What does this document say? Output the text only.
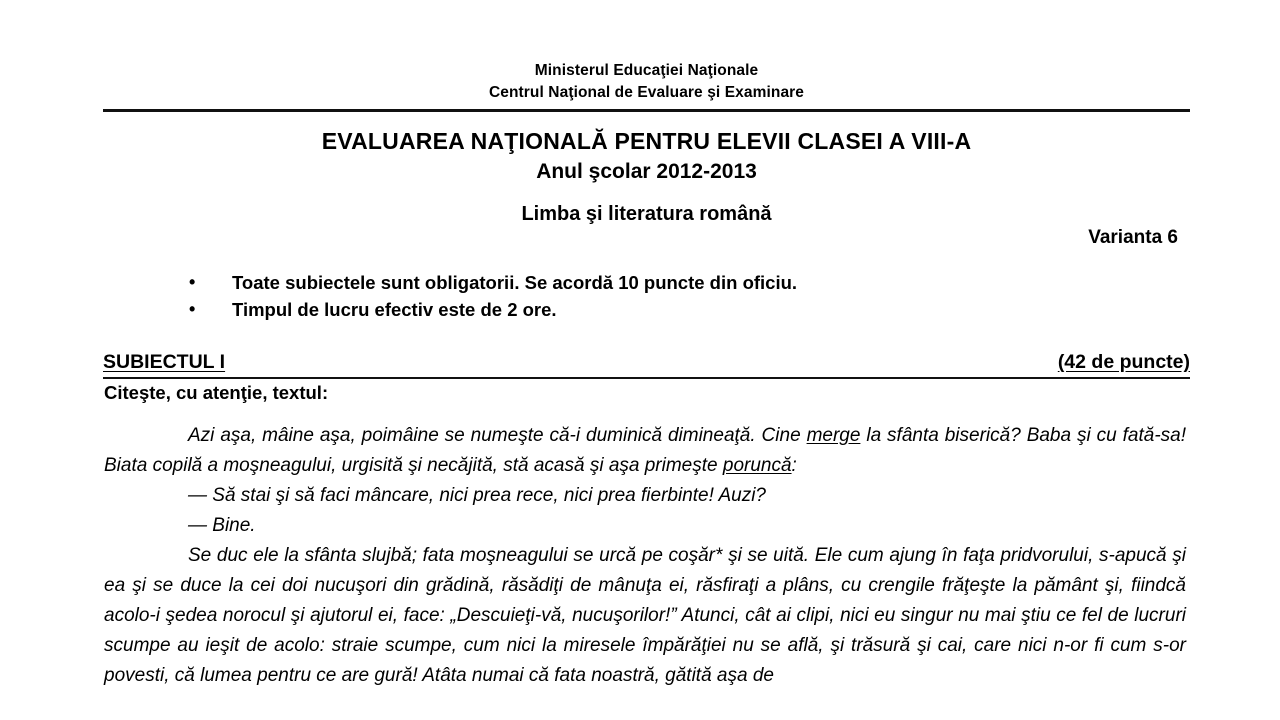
Ministerul Educaţiei Naţionale
Centrul Naţional de Evaluare şi Examinare
EVALUAREA NAŢIONALĂ PENTRU ELEVII CLASEI A VIII-A
Anul şcolar 2012-2013
Limba şi literatura română
Varianta 6
• Toate subiectele sunt obligatorii. Se acordă 10 puncte din oficiu.
• Timpul de lucru efectiv este de 2 ore.
SUBIECTUL I	(42 de puncte)
Citeşte, cu atenţie, textul:

Azi aşa, mâine aşa, poimâine se numeşte că-i duminică dimineaţă. Cine merge la sfânta biserică? Baba şi cu fată-sa! Biata copilă a moşneagului, urgisită şi necăjită, stă acasă şi aşa primeşte poruncă:

— Să stai şi să faci mâncare, nici prea rece, nici prea fierbinte! Auzi?

— Bine.

Se duc ele la sfânta slujbă; fata moşneagului se urcă pe coşăr* şi se uită. Ele cum ajung în faţa pridvorului, s-apucă şi ea şi se duce la cei doi nucuşori din grădină, răsădiţi de mânuţa ei, răsfiraţi a plâns, cu crengile frăţeşte la pământ şi, fiindcă acolo-i şedea norocul şi ajutorul ei, face: „Descuieţi-vă, nucuşorilor!” Atunci, cât ai clipi, nici eu singur nu mai ştiu ce fel de lucruri scumpe au ieşit de acolo: straie scumpe, cum nici la miresele împărăţiei nu se află, şi trăsură şi cai, care nici n-or fi cum s-or povesti, că lumea pentru ce are gură! Atâta numai că fata noastră, gătită aşa de
